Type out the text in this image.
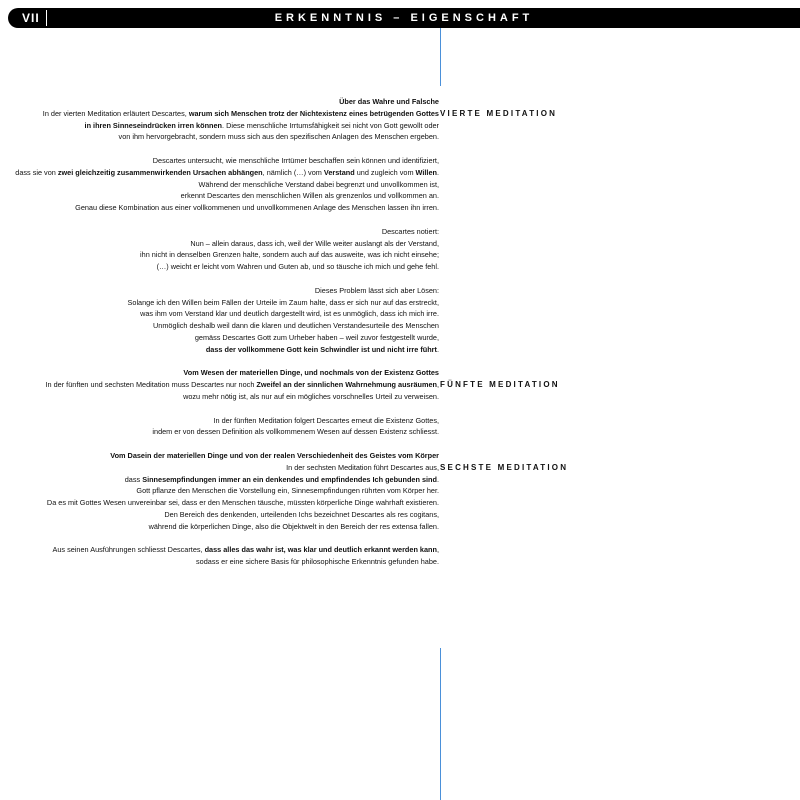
VII	ERKENNTNIS – EIGENSCHAFT

Über das Wahre und Falsche

In der vierten Meditation erläutert Descartes, warum sich Menschen trotz der Nichtexistenz eines betrügenden Gottes

in ihren Sinneseindrücken irren können. Diese menschliche Irrtumsfähigkeit sei nicht von Gott gewollt oder

von ihm hervorgebracht, sondern muss sich aus den spezifischen Anlagen des Menschen ergeben.

Descartes untersucht, wie menschliche Irrtümer beschaffen sein können und identifiziert,

dass sie von zwei gleichzeitig zusammenwirkenden Ursachen abhängen, nämlich (…) vom Verstand und zugleich vom Willen.

Während der menschliche Verstand dabei begrenzt und unvollkommen ist,

erkennt Descartes den menschlichen Willen als grenzenlos und vollkommen an.

Genau diese Kombination aus einer vollkommenen und unvollkommenen Anlage des Menschen lassen ihn irren.

Descartes notiert:

Nun – allein daraus, dass ich, weil der Wille weiter auslangt als der Verstand,

ihn nicht in denselben Grenzen halte, sondern auch auf das ausweite, was ich nicht einsehe;

(…) weicht er leicht vom Wahren und Guten ab, und so täusche ich mich und gehe fehl.

Dieses Problem lässt sich aber Lösen:

Solange ich den Willen beim Fällen der Urteile im Zaum halte, dass er sich nur auf das erstreckt,

was ihm vom Verstand klar und deutlich dargestellt wird, ist es unmöglich, dass ich mich irre.

Unmöglich deshalb weil dann die klaren und deutlichen Verstandesurteile des Menschen

gemäss Descartes Gott zum Urheber haben – weil zuvor festgestellt wurde,

dass der vollkommene Gott kein Schwindler ist und nicht irre führt.

Vom Wesen der materiellen Dinge, und nochmals von der Existenz Gottes

In der fünften und sechsten Meditation muss Descartes nur noch Zweifel an der sinnlichen Wahrnehmung ausräumen,

wozu mehr nötig ist, als nur auf ein mögliches vorschnelles Urteil zu verweisen.

In der fünften Meditation folgert Descartes erneut die Existenz Gottes,

indem er von dessen Definition als vollkommenem Wesen auf dessen Existenz schliesst.

Vom Dasein der materiellen Dinge und von der realen Verschiedenheit des Geistes vom Körper

In der sechsten Meditation führt Descartes aus,

dass Sinnesempfindungen immer an ein denkendes und empfindendes Ich gebunden sind.

Gott pflanze den Menschen die Vorstellung ein, Sinnesempfindungen rührten vom Körper her.

Da es mit Gottes Wesen unvereinbar sei, dass er den Menschen täusche, müssten körperliche Dinge wahrhaft existieren.

Den Bereich des denkenden, urteilenden Ichs bezeichnet Descartes als res cogitans,

während die körperlichen Dinge, also die Objektwelt in den Bereich der res extensa fallen.

Aus seinen Ausführungen schliesst Descartes, dass alles das wahr ist, was klar und deutlich erkannt werden kann,

sodass er eine sichere Basis für philosophische Erkenntnis gefunden habe.

VIERTE MEDITATION
FÜNFTE MEDITATION
SECHSTE MEDITATION
